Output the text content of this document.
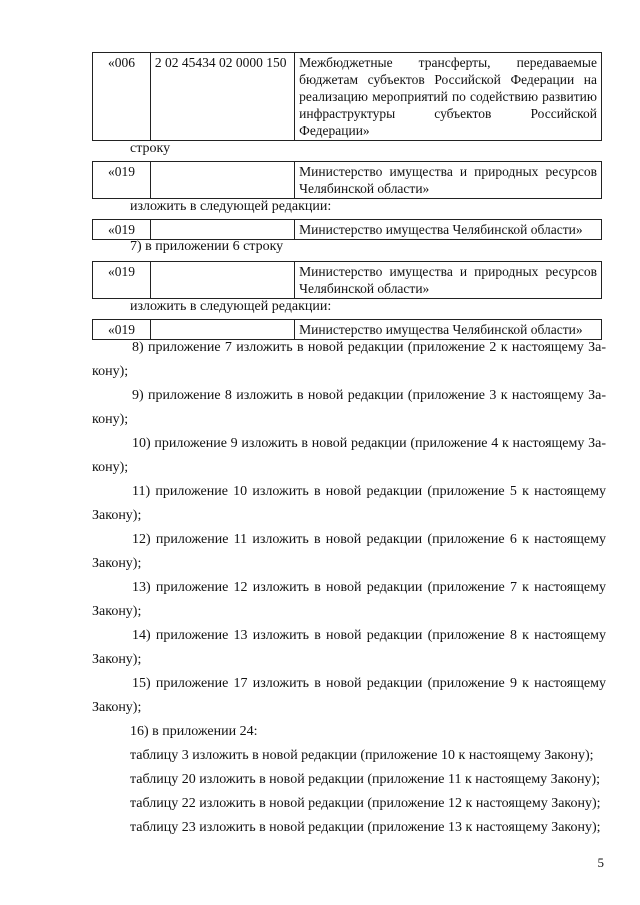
«006	2 02 45434 02 0000 150	Межбюджетные трансферты, передаваемые бюджетам субъектов Российской Федерации на реализацию мероприятий по содействию развитию инфраструктуры субъектов Российской Федерации»
строку
«019		Министерство имущества и природных ресурсов Челябинской области»
изложить в следующей редакции:
«019		Министерство имущества Челябинской области»
7) в приложении 6 строку
«019		Министерство имущества и природных ресурсов Челябинской области»
изложить в следующей редакции:
«019		Министерство имущества Челябинской области»
8) приложение 7 изложить в новой редакции (приложение 2 к настоящему За-
кону);
9) приложение 8 изложить в новой редакции (приложение 3 к настоящему За-
кону);
10) приложение 9 изложить в новой редакции (приложение 4 к настоящему За-
кону);
11) приложение 10 изложить в новой редакции (приложение 5 к настоящему
Закону);
12) приложение 11 изложить в новой редакции (приложение 6 к настоящему
Закону);
13) приложение 12 изложить в новой редакции (приложение 7 к настоящему
Закону);
14) приложение 13 изложить в новой редакции (приложение 8 к настоящему
Закону);
15) приложение 17 изложить в новой редакции (приложение 9 к настоящему
Закону);
16) в приложении 24:
таблицу 3 изложить в новой редакции (приложение 10 к настоящему Закону);
таблицу 20 изложить в новой редакции (приложение 11 к настоящему Закону);
таблицу 22 изложить в новой редакции (приложение 12 к настоящему Закону);
таблицу 23 изложить в новой редакции (приложение 13 к настоящему Закону);
5
